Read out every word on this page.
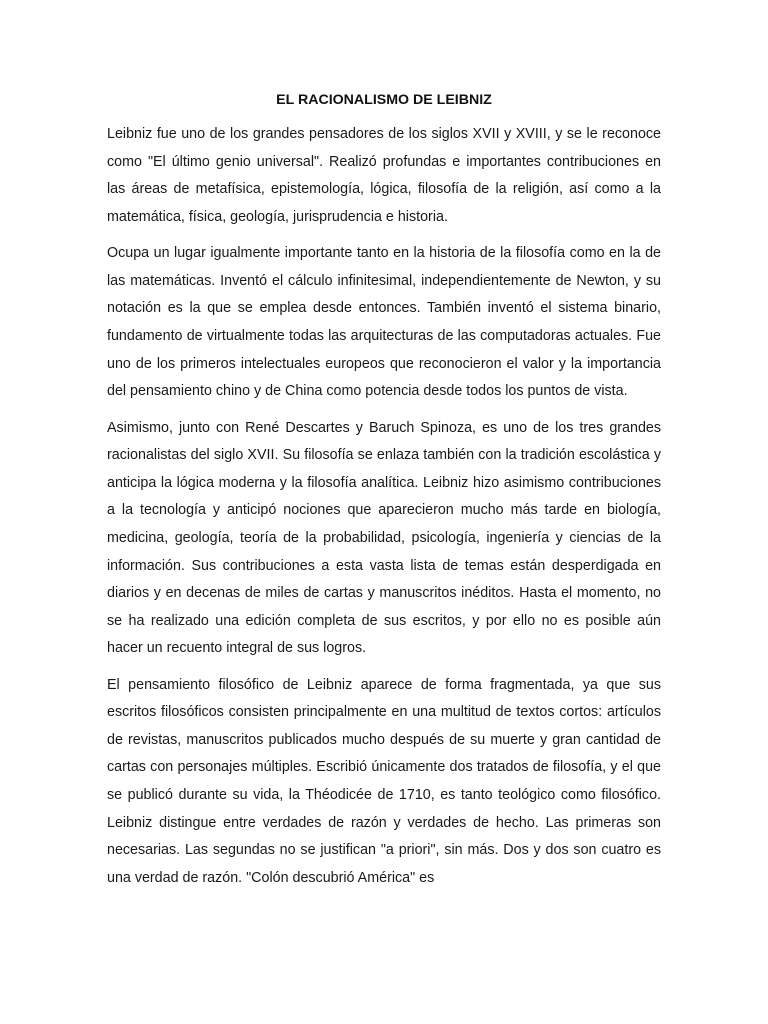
EL RACIONALISMO DE LEIBNIZ

Leibniz fue uno de los grandes pensadores de los siglos XVII y XVIII, y se le reconoce como "El último genio universal". Realizó profundas e importantes contribuciones en las áreas de metafísica, epistemología, lógica, filosofía de la religión, así como a la matemática, física, geología, jurisprudencia e historia.

Ocupa un lugar igualmente importante tanto en la historia de la filosofía como en la de las matemáticas. Inventó el cálculo infinitesimal, independientemente de Newton, y su notación es la que se emplea desde entonces. También inventó el sistema binario, fundamento de virtualmente todas las arquitecturas de las computadoras actuales. Fue uno de los primeros intelectuales europeos que reconocieron el valor y la importancia del pensamiento chino y de China como potencia desde todos los puntos de vista.

Asimismo, junto con René Descartes y Baruch Spinoza, es uno de los tres grandes racionalistas del siglo XVII. Su filosofía se enlaza también con la tradición escolástica y anticipa la lógica moderna y la filosofía analítica. Leibniz hizo asimismo contribuciones a la tecnología y anticipó nociones que aparecieron mucho más tarde en biología, medicina, geología, teoría de la probabilidad, psicología, ingeniería y ciencias de la información. Sus contribuciones a esta vasta lista de temas están desperdigada en diarios y en decenas de miles de cartas y manuscritos inéditos. Hasta el momento, no se ha realizado una edición completa de sus escritos, y por ello no es posible aún hacer un recuento integral de sus logros.

El pensamiento filosófico de Leibniz aparece de forma fragmentada, ya que sus escritos filosóficos consisten principalmente en una multitud de textos cortos: artículos de revistas, manuscritos publicados mucho después de su muerte y gran cantidad de cartas con personajes múltiples. Escribió únicamente dos tratados de filosofía, y el que se publicó durante su vida, la Théodicée de 1710, es tanto teológico como filosófico. Leibniz distingue entre verdades de razón y verdades de hecho. Las primeras son necesarias. Las segundas no se justifican "a priori", sin más. Dos y dos son cuatro es una verdad de razón. "Colón descubrió América" es
